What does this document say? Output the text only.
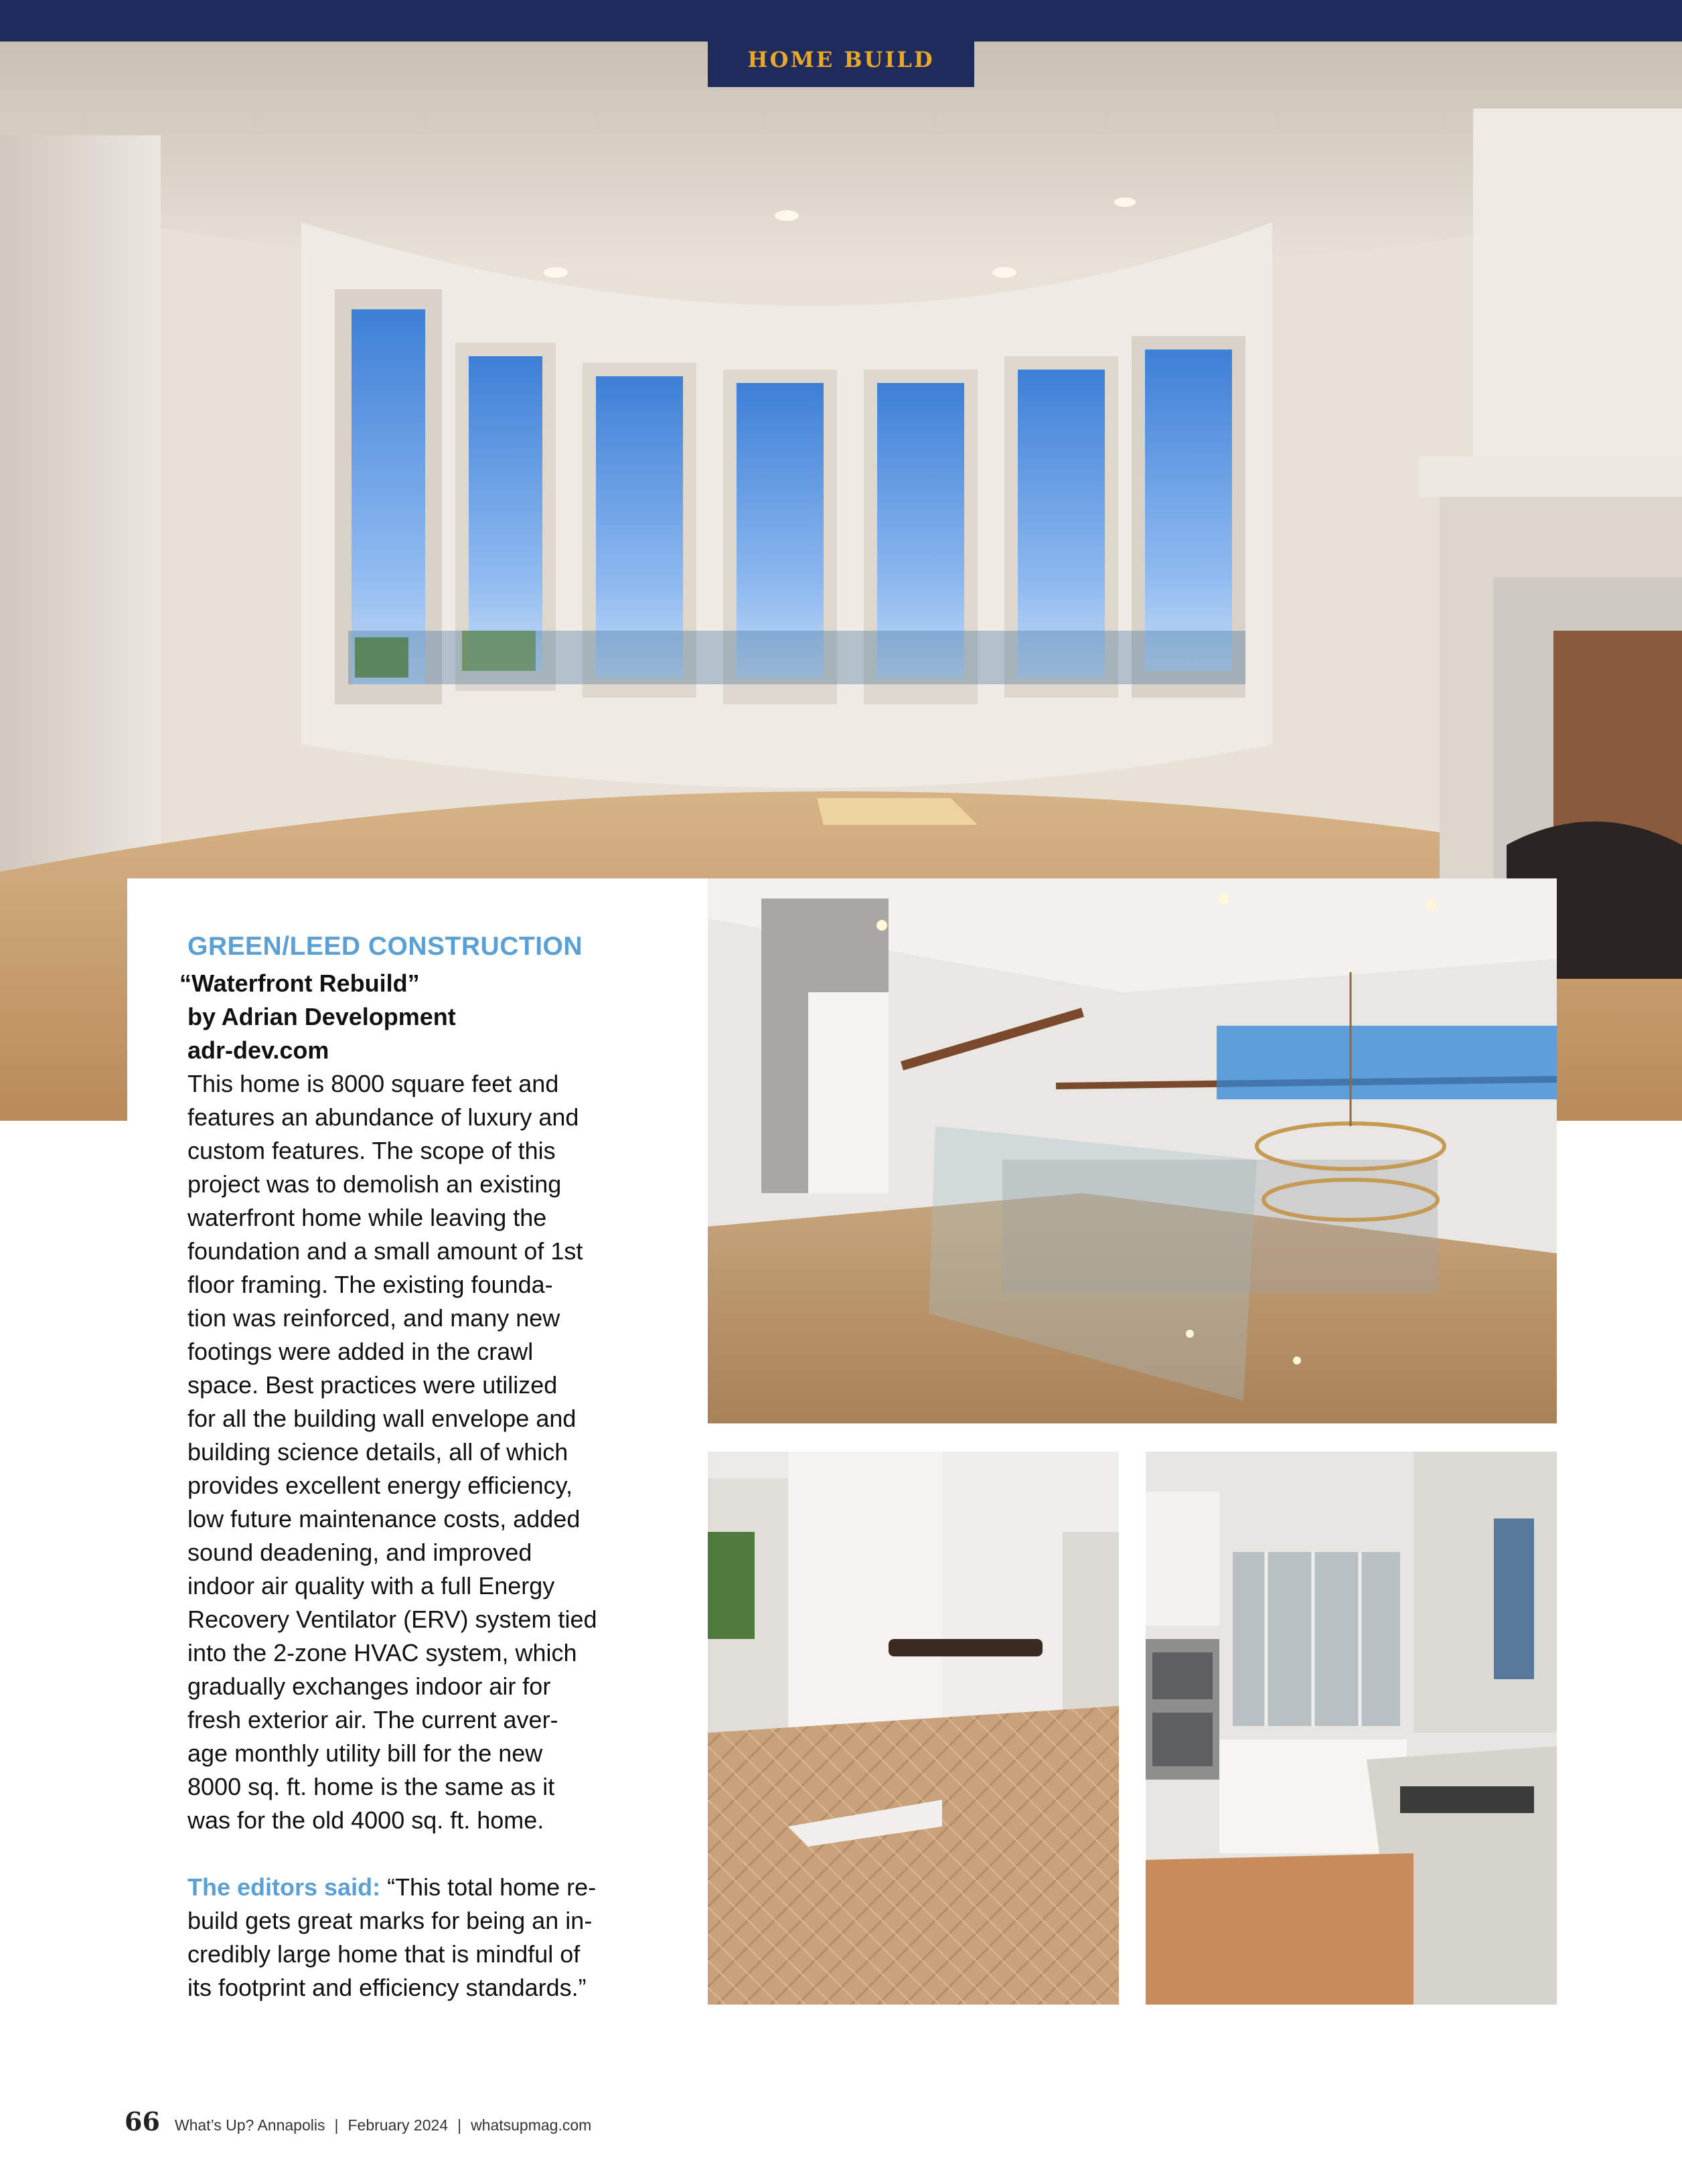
HOME BUILD

GREEN/LEED CONSTRUCTION

“Waterfront Rebuild”

by Adrian Development

adr-dev.com

This home is 8000 square feet and

features an abundance of luxury and

custom features. The scope of this

project was to demolish an existing

waterfront home while leaving the

foundation and a small amount of 1st

floor framing. The existing founda-

tion was reinforced, and many new

footings were added in the crawl

space. Best practices were utilized

for all the building wall envelope and

building science details, all of which

provides excellent energy efficiency,

low future maintenance costs, added

sound deadening, and improved

indoor air quality with a full Energy

Recovery Ventilator (ERV) system tied

into the 2-zone HVAC system, which

gradually exchanges indoor air for

fresh exterior air. The current aver-

age monthly utility bill for the new

8000 sq. ft. home is the same as it

was for the old 4000 sq. ft. home.

The editors said: “This total home re-

build gets great marks for being an in-

credibly large home that is mindful of

its footprint and efficiency standards.”

66 What’s Up? Annapolis | February 2024 | whatsupmag.com
